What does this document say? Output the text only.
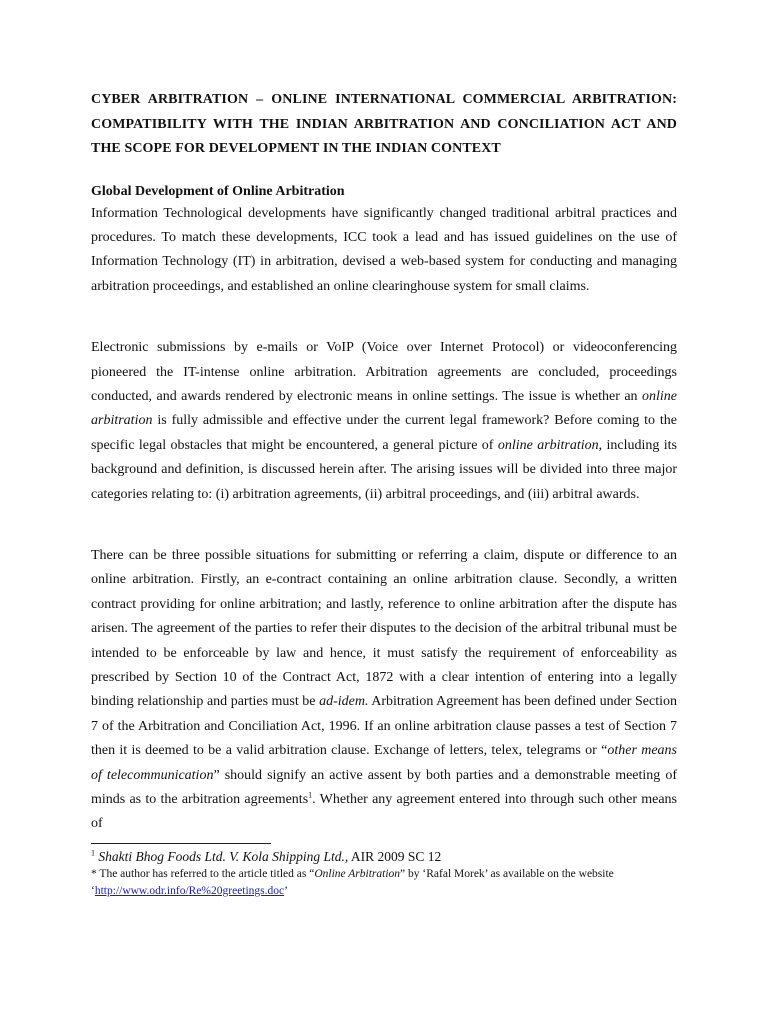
CYBER ARBITRATION – ONLINE INTERNATIONAL COMMERCIAL ARBITRATION: COMPATIBILITY WITH THE INDIAN ARBITRATION AND CONCILIATION ACT AND THE SCOPE FOR DEVELOPMENT IN THE INDIAN CONTEXT

Global Development of Online Arbitration

Information Technological developments have significantly changed traditional arbitral practices and procedures. To match these developments, ICC took a lead and has issued guidelines on the use of Information Technology (IT) in arbitration, devised a web-based system for conducting and managing arbitration proceedings, and established an online clearinghouse system for small claims.

Electronic submissions by e-mails or VoIP (Voice over Internet Protocol) or videoconferencing pioneered the IT-intense online arbitration. Arbitration agreements are concluded, proceedings conducted, and awards rendered by electronic means in online settings. The issue is whether an online arbitration is fully admissible and effective under the current legal framework? Before coming to the specific legal obstacles that might be encountered, a general picture of online arbitration, including its background and definition, is discussed herein after. The arising issues will be divided into three major categories relating to: (i) arbitration agreements, (ii) arbitral proceedings, and (iii) arbitral awards.

There can be three possible situations for submitting or referring a claim, dispute or difference to an online arbitration. Firstly, an e-contract containing an online arbitration clause. Secondly, a written contract providing for online arbitration; and lastly, reference to online arbitration after the dispute has arisen. The agreement of the parties to refer their disputes to the decision of the arbitral tribunal must be intended to be enforceable by law and hence, it must satisfy the requirement of enforceability as prescribed by Section 10 of the Contract Act, 1872 with a clear intention of entering into a legally binding relationship and parties must be ad-idem. Arbitration Agreement has been defined under Section 7 of the Arbitration and Conciliation Act, 1996. If an online arbitration clause passes a test of Section 7 then it is deemed to be a valid arbitration clause. Exchange of letters, telex, telegrams or “other means of telecommunication” should signify an active assent by both parties and a demonstrable meeting of minds as to the arbitration agreements$^1$. Whether any agreement entered into through such other means of

$^1$ Shakti Bhog Foods Ltd. V. Kola Shipping Ltd., AIR 2009 SC 12
* The author has referred to the article titled as “Online Arbitration” by ‘Rafal Morek’ as available on the website
‘http://www.odr.info/Re%20greetings.doc’
